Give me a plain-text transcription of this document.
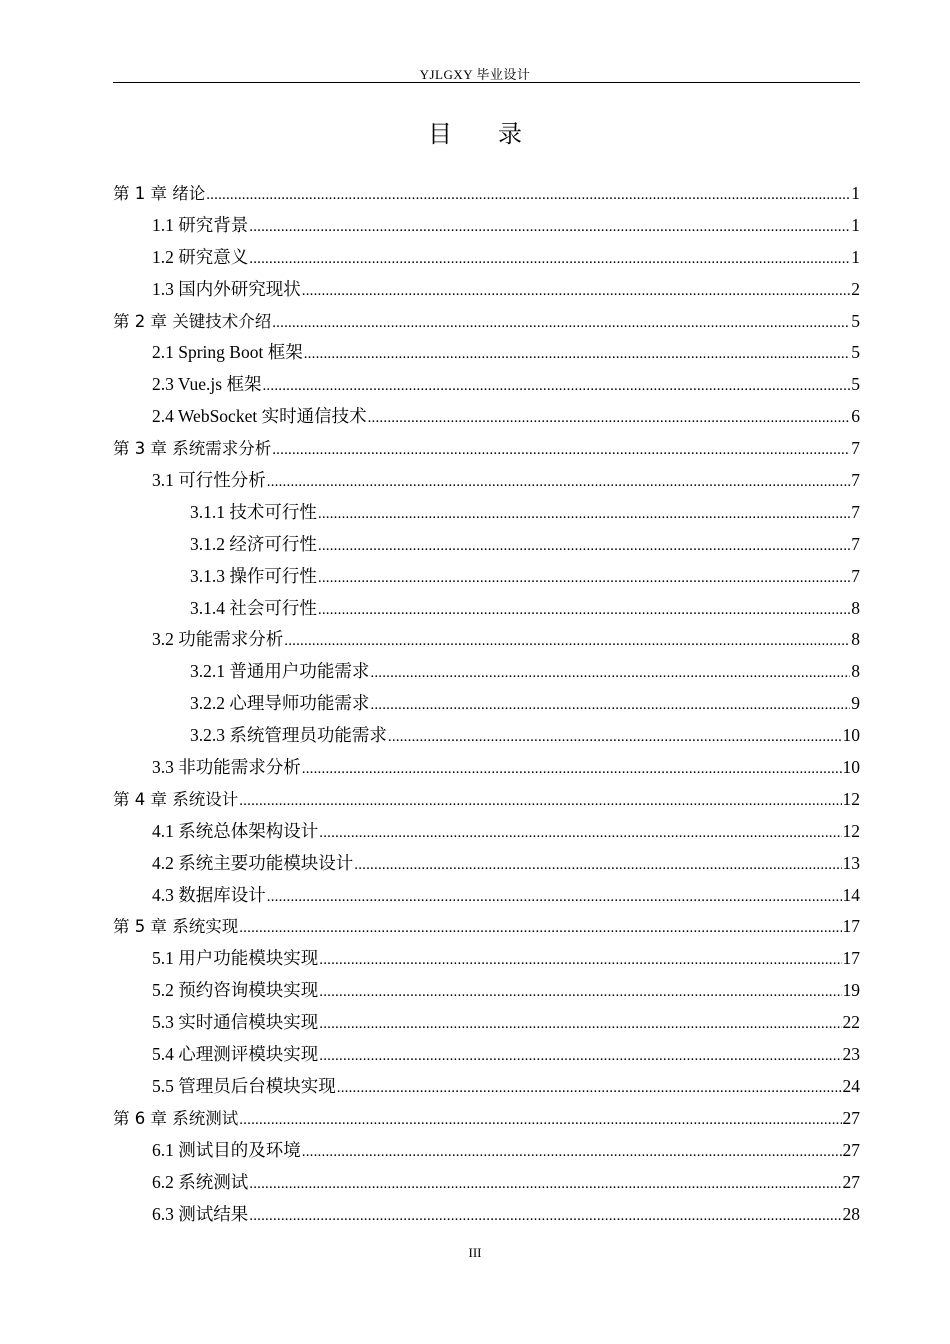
YJLGXY 毕业设计
目录
第 1 章 绪论 .....	1
1.1 研究背景 .....	1
1.2 研究意义 .....	1
1.3 国内外研究现状 .....	2
第 2 章 关键技术介绍 .....	5
2.1 Spring Boot 框架 .....	5
2.3 Vue.js 框架 .....	5
2.4 WebSocket 实时通信技术 .....	6
第 3 章 系统需求分析 .....	7
3.1 可行性分析 .....	7
3.1.1 技术可行性 .....	7
3.1.2 经济可行性 .....	7
3.1.3 操作可行性 .....	7
3.1.4 社会可行性 .....	8
3.2 功能需求分析 .....	8
3.2.1 普通用户功能需求 .....	8
3.2.2 心理导师功能需求 .....	9
3.2.3 系统管理员功能需求 .....	10
3.3 非功能需求分析 .....	10
第 4 章 系统设计 .....	12
4.1 系统总体架构设计 .....	12
4.2 系统主要功能模块设计 .....	13
4.3 数据库设计 .....	14
第 5 章 系统实现 .....	17
5.1 用户功能模块实现 .....	17
5.2 预约咨询模块实现 .....	19
5.3 实时通信模块实现 .....	22
5.4 心理测评模块实现 .....	23
5.5 管理员后台模块实现 .....	24
第 6 章 系统测试 .....	27
6.1 测试目的及环境 .....	27
6.2 系统测试 .....	27
6.3 测试结果 .....	28
III
